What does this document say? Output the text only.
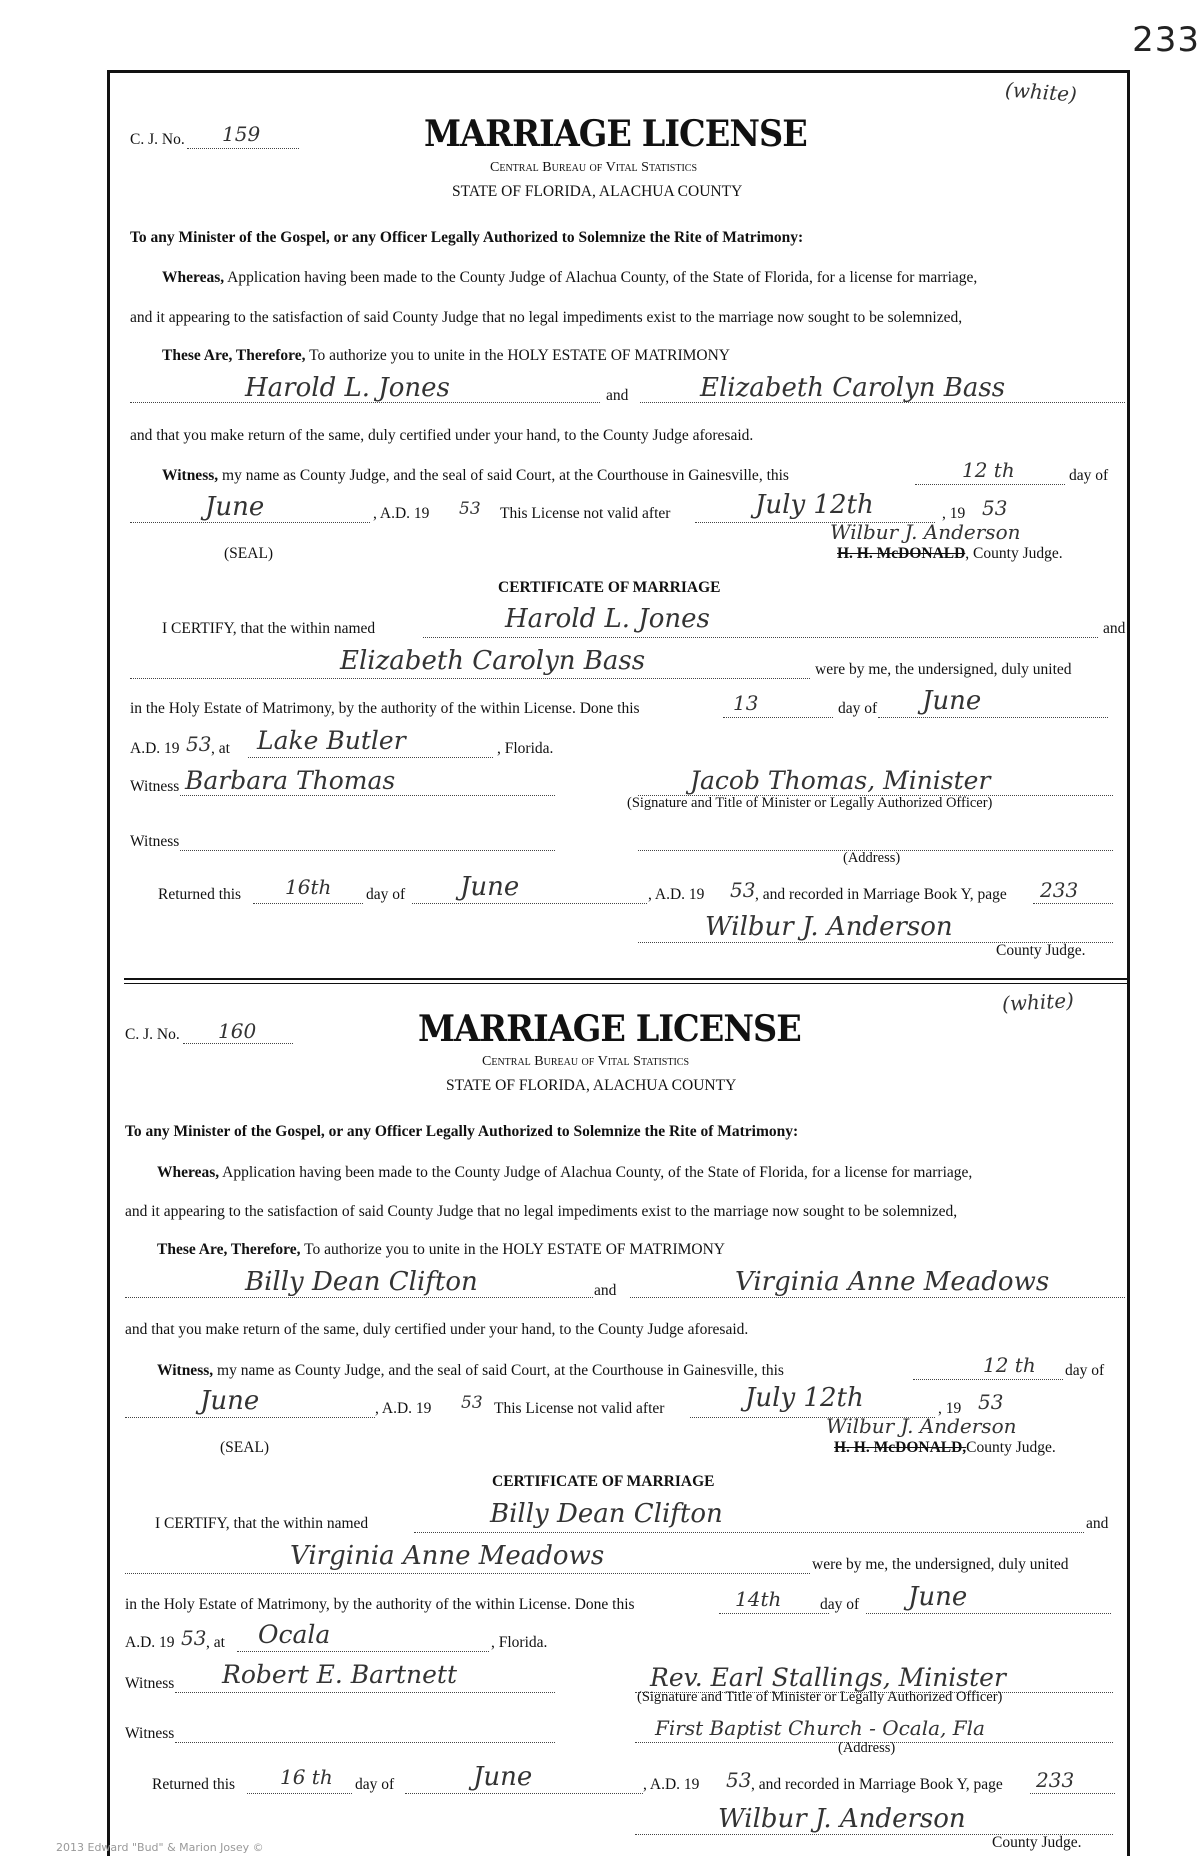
233
(white)
C. J. No. 159	MARRIAGE LICENSE
Central Bureau of Vital Statistics
STATE OF FLORIDA, ALACHUA COUNTY
To any Minister of the Gospel, or any Officer Legally Authorized to Solemnize the Rite of Matrimony:
Whereas, Application having been made to the County Judge of Alachua County, of the State of Florida, for a license for marriage,
and it appearing to the satisfaction of said County Judge that no legal impediments exist to the marriage now sought to be solemnized,
These Are, Therefore, To authorize you to unite in the HOLY ESTATE OF MATRIMONY
Harold L. Jones	and	Elizabeth Carolyn Bass
and that you make return of the same, duly certified under your hand, to the County Judge aforesaid.
Witness, my name as County Judge, and the seal of said Court, at the Courthouse in Gainesville, this	12 th	day of
June	, A.D. 19 53 This License not valid after	July 12th	, 19 53
Wilbur J. Anderson
(SEAL)	H. H. McDONALD, County Judge.
CERTIFICATE OF MARRIAGE
I CERTIFY, that the within named	Harold L. Jones	and
Elizabeth Carolyn Bass	were by me, the undersigned, duly united
in the Holy Estate of Matrimony, by the authority of the within License. Done this	13	day of June
A.D. 19 53 , at Lake Butler	, Florida.
Witness Barbara Thomas	Jacob Thomas, Minister
(Signature and Title of Minister or Legally Authorized Officer)
Witness
(Address)
Returned this 16th day of June	, A.D. 19 53 , and recorded in Marriage Book Y, page 233
Wilbur J. Anderson
County Judge.
(white)
C. J. No. 160	MARRIAGE LICENSE
Central Bureau of Vital Statistics
STATE OF FLORIDA, ALACHUA COUNTY
To any Minister of the Gospel, or any Officer Legally Authorized to Solemnize the Rite of Matrimony:
Whereas, Application having been made to the County Judge of Alachua County, of the State of Florida, for a license for marriage,
and it appearing to the satisfaction of said County Judge that no legal impediments exist to the marriage now sought to be solemnized,
These Are, Therefore, To authorize you to unite in the HOLY ESTATE OF MATRIMONY
Billy Dean Clifton	and	Virginia Anne Meadows
and that you make return of the same, duly certified under your hand, to the County Judge aforesaid.
Witness, my name as County Judge, and the seal of said Court, at the Courthouse in Gainesville, this	12 th day of
June	, A.D. 19 53 This License not valid after	July 12th	, 19 53
Wilbur J. Anderson
(SEAL)	H. H. McDONALD,County Judge.
CERTIFICATE OF MARRIAGE
I CERTIFY, that the within named	Billy Dean Clifton	and
Virginia Anne Meadows	were by me, the undersigned, duly united
in the Holy Estate of Matrimony, by the authority of the within License. Done this	14th day of June
A.D. 19 53 , at Ocala	, Florida.
Witness Robert E. Bartnett	Rev. Earl Stallings, Minister
(Signature and Title of Minister or Legally Authorized Officer)
Witness	First Baptist Church - Ocala, Fla
(Address)
Returned this 16 th day of	June	, A.D. 19 53 , and recorded in Marriage Book Y, page 233
Wilbur J. Anderson
County Judge.
2013 Edward "Bud" & Marion Josey ©
